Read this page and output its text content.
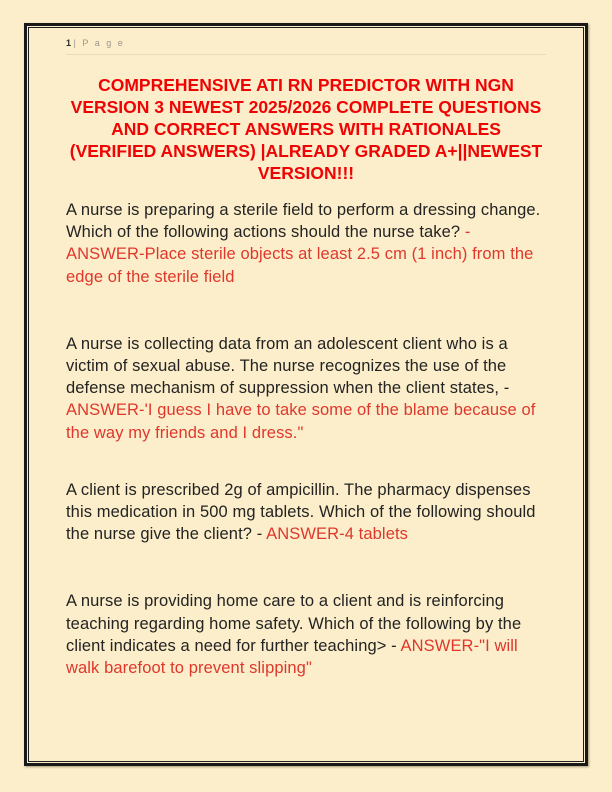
1 | P a g e
COMPREHENSIVE ATI RN PREDICTOR WITH NGN VERSION 3 NEWEST 2025/2026 COMPLETE QUESTIONS AND CORRECT ANSWERS WITH RATIONALES (VERIFIED ANSWERS) |ALREADY GRADED A+||NEWEST VERSION!!!
A nurse is preparing a sterile field to perform a dressing change. Which of the following actions should the nurse take? - ANSWER-Place sterile objects at least 2.5 cm (1 inch) from the edge of the sterile field
A nurse is collecting data from an adolescent client who is a victim of sexual abuse. The nurse recognizes the use of the defense mechanism of suppression when the client states, - ANSWER-'I guess I have to take some of the blame because of the way my friends and I dress."
A client is prescribed 2g of ampicillin. The pharmacy dispenses this medication in 500 mg tablets. Which of the following should the nurse give the client? - ANSWER-4 tablets
A nurse is providing home care to a client and is reinforcing teaching regarding home safety. Which of the following by the client indicates a need for further teaching> - ANSWER-"I will walk barefoot to prevent slipping"
